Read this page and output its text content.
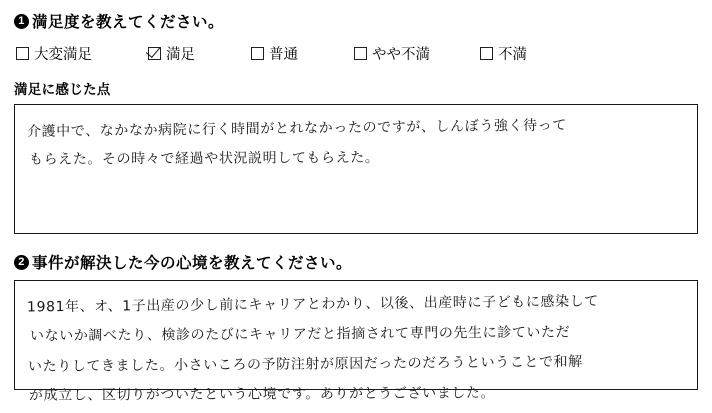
1 満足度を教えてください。
大変満足	満足	普通	やや不満	不満
満足に感じた点
介護中で、なかなか病院に行く時間がとれなかったのですが、しんぼう強く待って
もらえた。その時々で経過や状況説明してもらえた。
2 事件が解決した今の心境を教えてください。
1981年、オ、1子出産の少し前にキャリアとわかり、以後、出産時に子どもに感染して
いないか調べたり、検診のたびにキャリアだと指摘されて専門の先生に診ていただ
いたりしてきました。小さいころの予防注射が原因だったのだろうということで和解
が成立し、区切りがついたという心境です。ありがとうございました。
